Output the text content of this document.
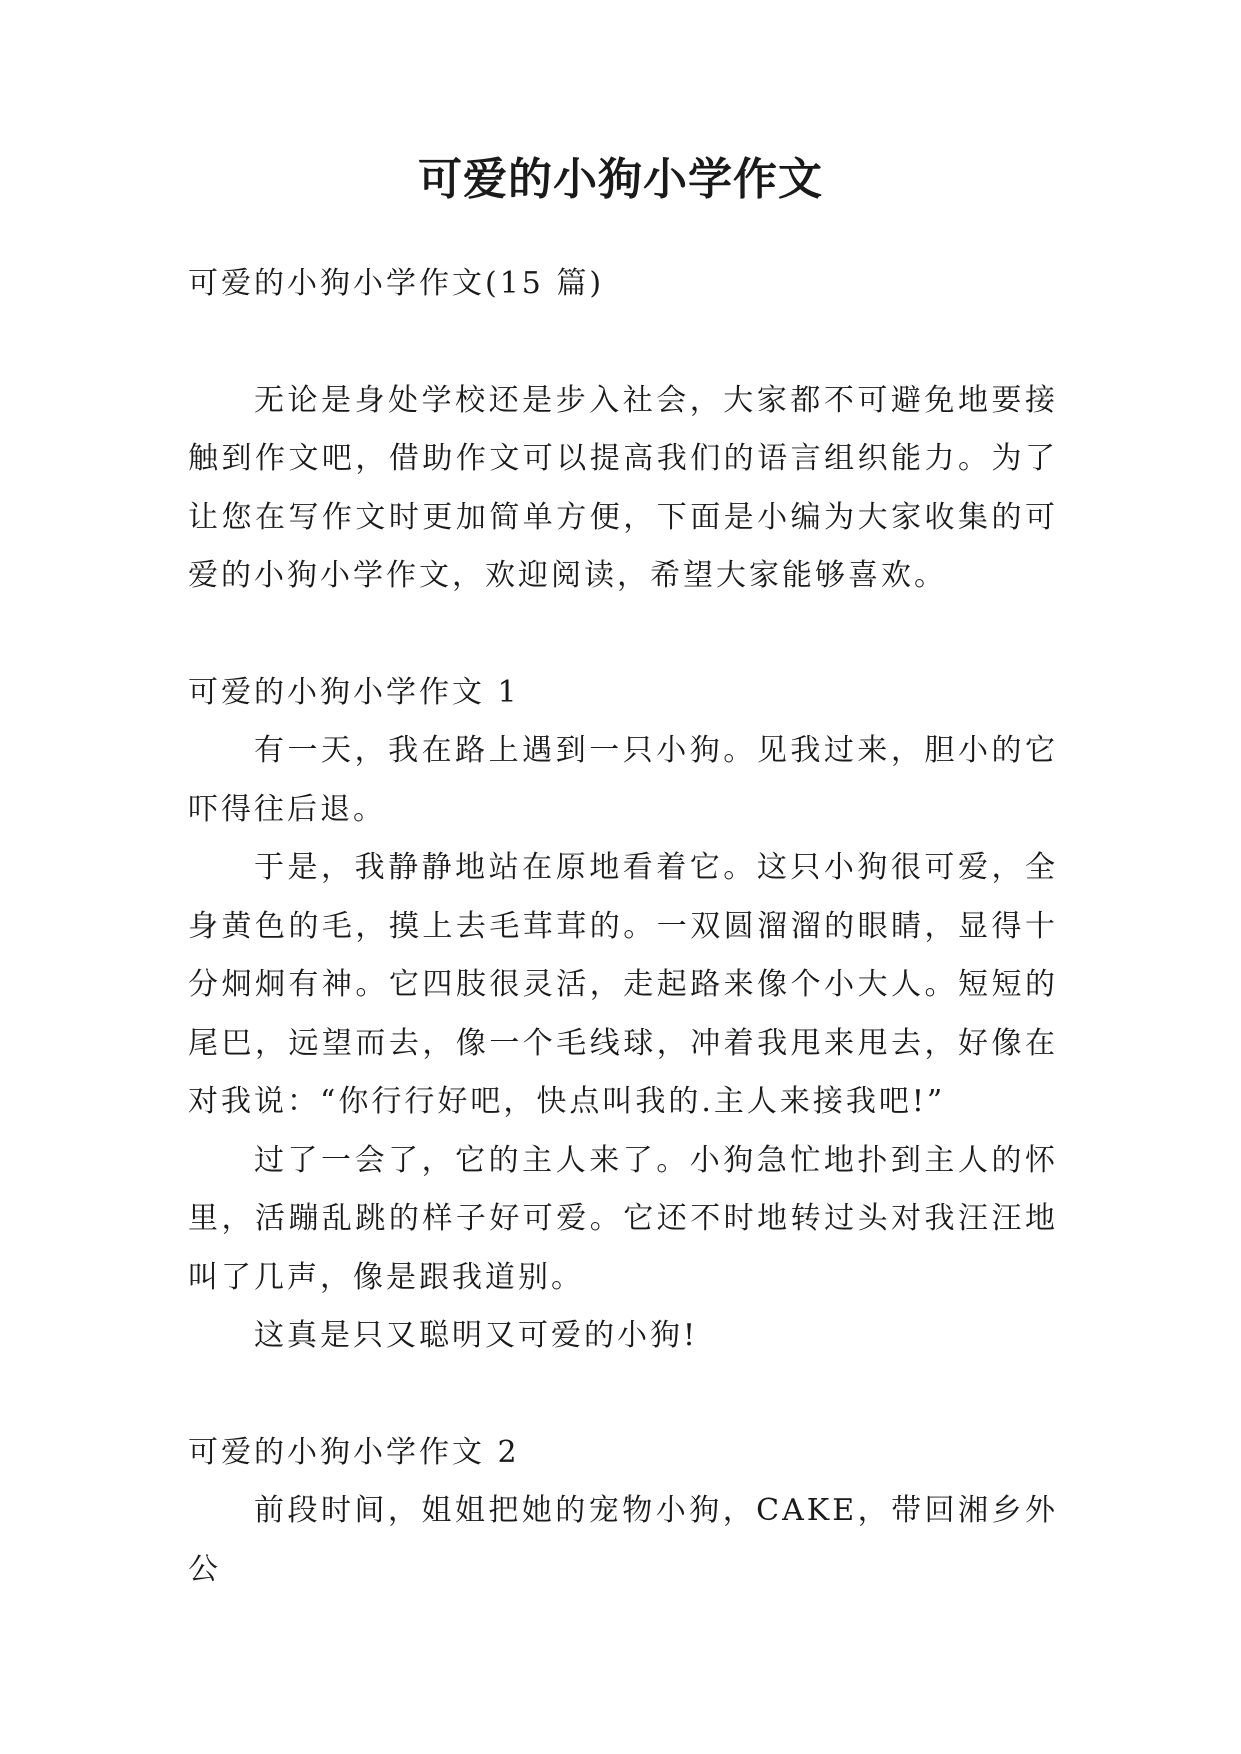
可爱的小狗小学作文

可爱的小狗小学作文(15 篇)

无论是身处学校还是步入社会，大家都不可避免地要接触到作文吧，借助作文可以提高我们的语言组织能力。为了让您在写作文时更加简单方便，下面是小编为大家收集的可爱的小狗小学作文，欢迎阅读，希望大家能够喜欢。

可爱的小狗小学作文 1

有一天，我在路上遇到一只小狗。见我过来，胆小的它吓得往后退。

于是，我静静地站在原地看着它。这只小狗很可爱，全身黄色的毛，摸上去毛茸茸的。一双圆溜溜的眼睛，显得十分炯炯有神。它四肢很灵活，走起路来像个小大人。短短的尾巴，远望而去，像一个毛线球，冲着我甩来甩去，好像在对我说：“你行行好吧，快点叫我的.主人来接我吧!”

过了一会了，它的主人来了。小狗急忙地扑到主人的怀里，活蹦乱跳的样子好可爱。它还不时地转过头对我汪汪地叫了几声，像是跟我道别。

这真是只又聪明又可爱的小狗!

可爱的小狗小学作文 2

前段时间，姐姐把她的宠物小狗，CAKE，带回湘乡外公
